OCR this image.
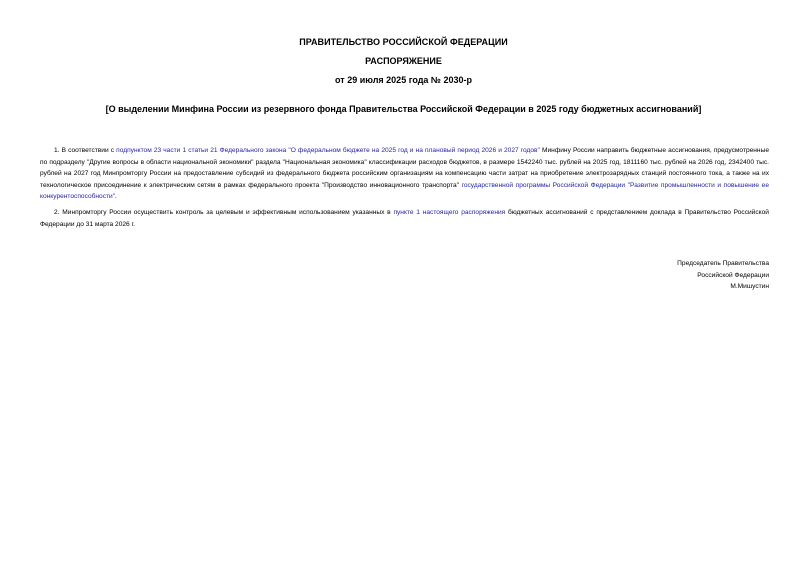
ПРАВИТЕЛЬСТВО РОССИЙСКОЙ ФЕДЕРАЦИИ
РАСПОРЯЖЕНИЕ
от 29 июля 2025 года № 2030-р
[О выделении Минфина России из резервного фонда Правительства Российской Федерации в 2025 году бюджетных ассигнований]
1. В соответствии с подпунктом 23 части 1 статьи 21 Федерального закона "О федеральном бюджете на 2025 год и на плановый период 2026 и 2027 годов" Минфину России направить бюджетные ассигнования, предусмотренные по подразделу "Другие вопросы в области национальной экономики" раздела "Национальная экономика" классификации расходов бюджетов, в размере 1542240 тыс. рублей на 2025 год, 1811160 тыс. рублей на 2026 год, 2342400 тыс. рублей на 2027 год Минпромторгу России на предоставление субсидий из федерального бюджета российским организациям на компенсацию части затрат на приобретение электрозарядных станций постоянного тока, а также на их технологическое присоединение к электрическим сетям в рамках федерального проекта "Производство инновационного транспорта" государственной программы Российской Федерации "Развитие промышленности и повышение ее конкурентоспособности".
2. Минпромторгу России осуществить контроль за целевым и эффективным использованием указанных в пункте 1 настоящего распоряжения бюджетных ассигнований с представлением доклада в Правительство Российской Федерации до 31 марта 2026 г.
Председатель Правительства
Российской Федерации
М.Мишустин
